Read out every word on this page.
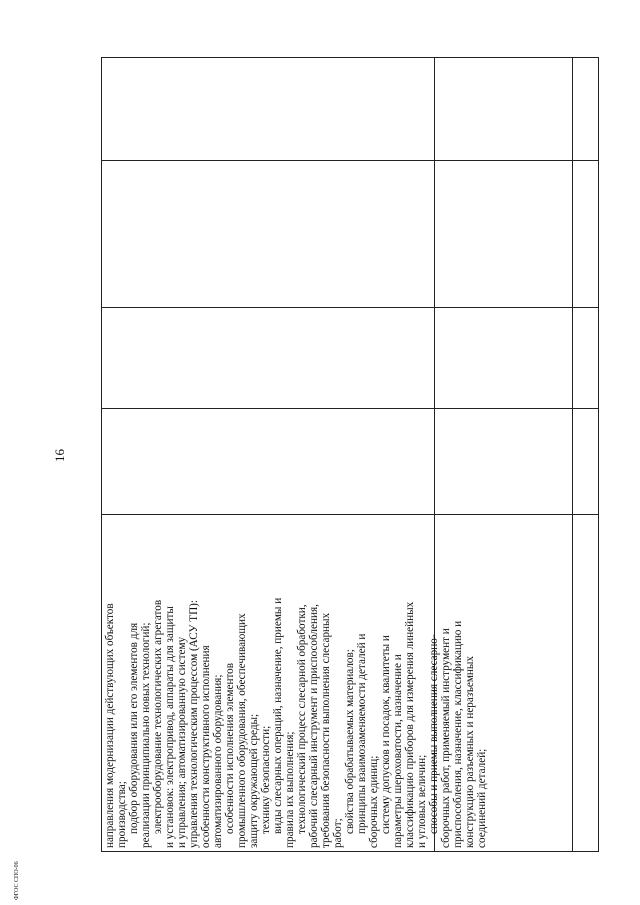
направления модернизации действующих объектов производства; подбор оборудования или его элементов для реализации принципиально новых технологий; электрооборудование технологических агрегатов и установок: электропривод, аппараты для защиты и управления; автоматизированную систему управления технологическим процессом (АСУ ТП): особенности конструктивного исполнения автоматизированного оборудования; особенности исполнения элементов промышленного оборудования, обеспечивающих защиту окружающей среды; технику безопасности; виды слесарных операций, назначение, приемы и правила их выполнения; технологический процесс слесарной обработки, рабочий слесарный инструмент и приспособления, требования безопасности выполнения слесарных работ; свойства обрабатываемых материалов; принципы взаимозаменяемости деталей и сборочных единиц; систему допусков и посадок, квалитеты и параметры шероховатости, назначение и классификацию приборов для измерения линейных и угловых величин; способы и приемы выполнения слесарно- сборочных работ, применяемый инструмент и приспособления, назначение, классификацию и конструкцию разъемных и неразъемных соединений деталей;
16
ФГОС СПО-06
